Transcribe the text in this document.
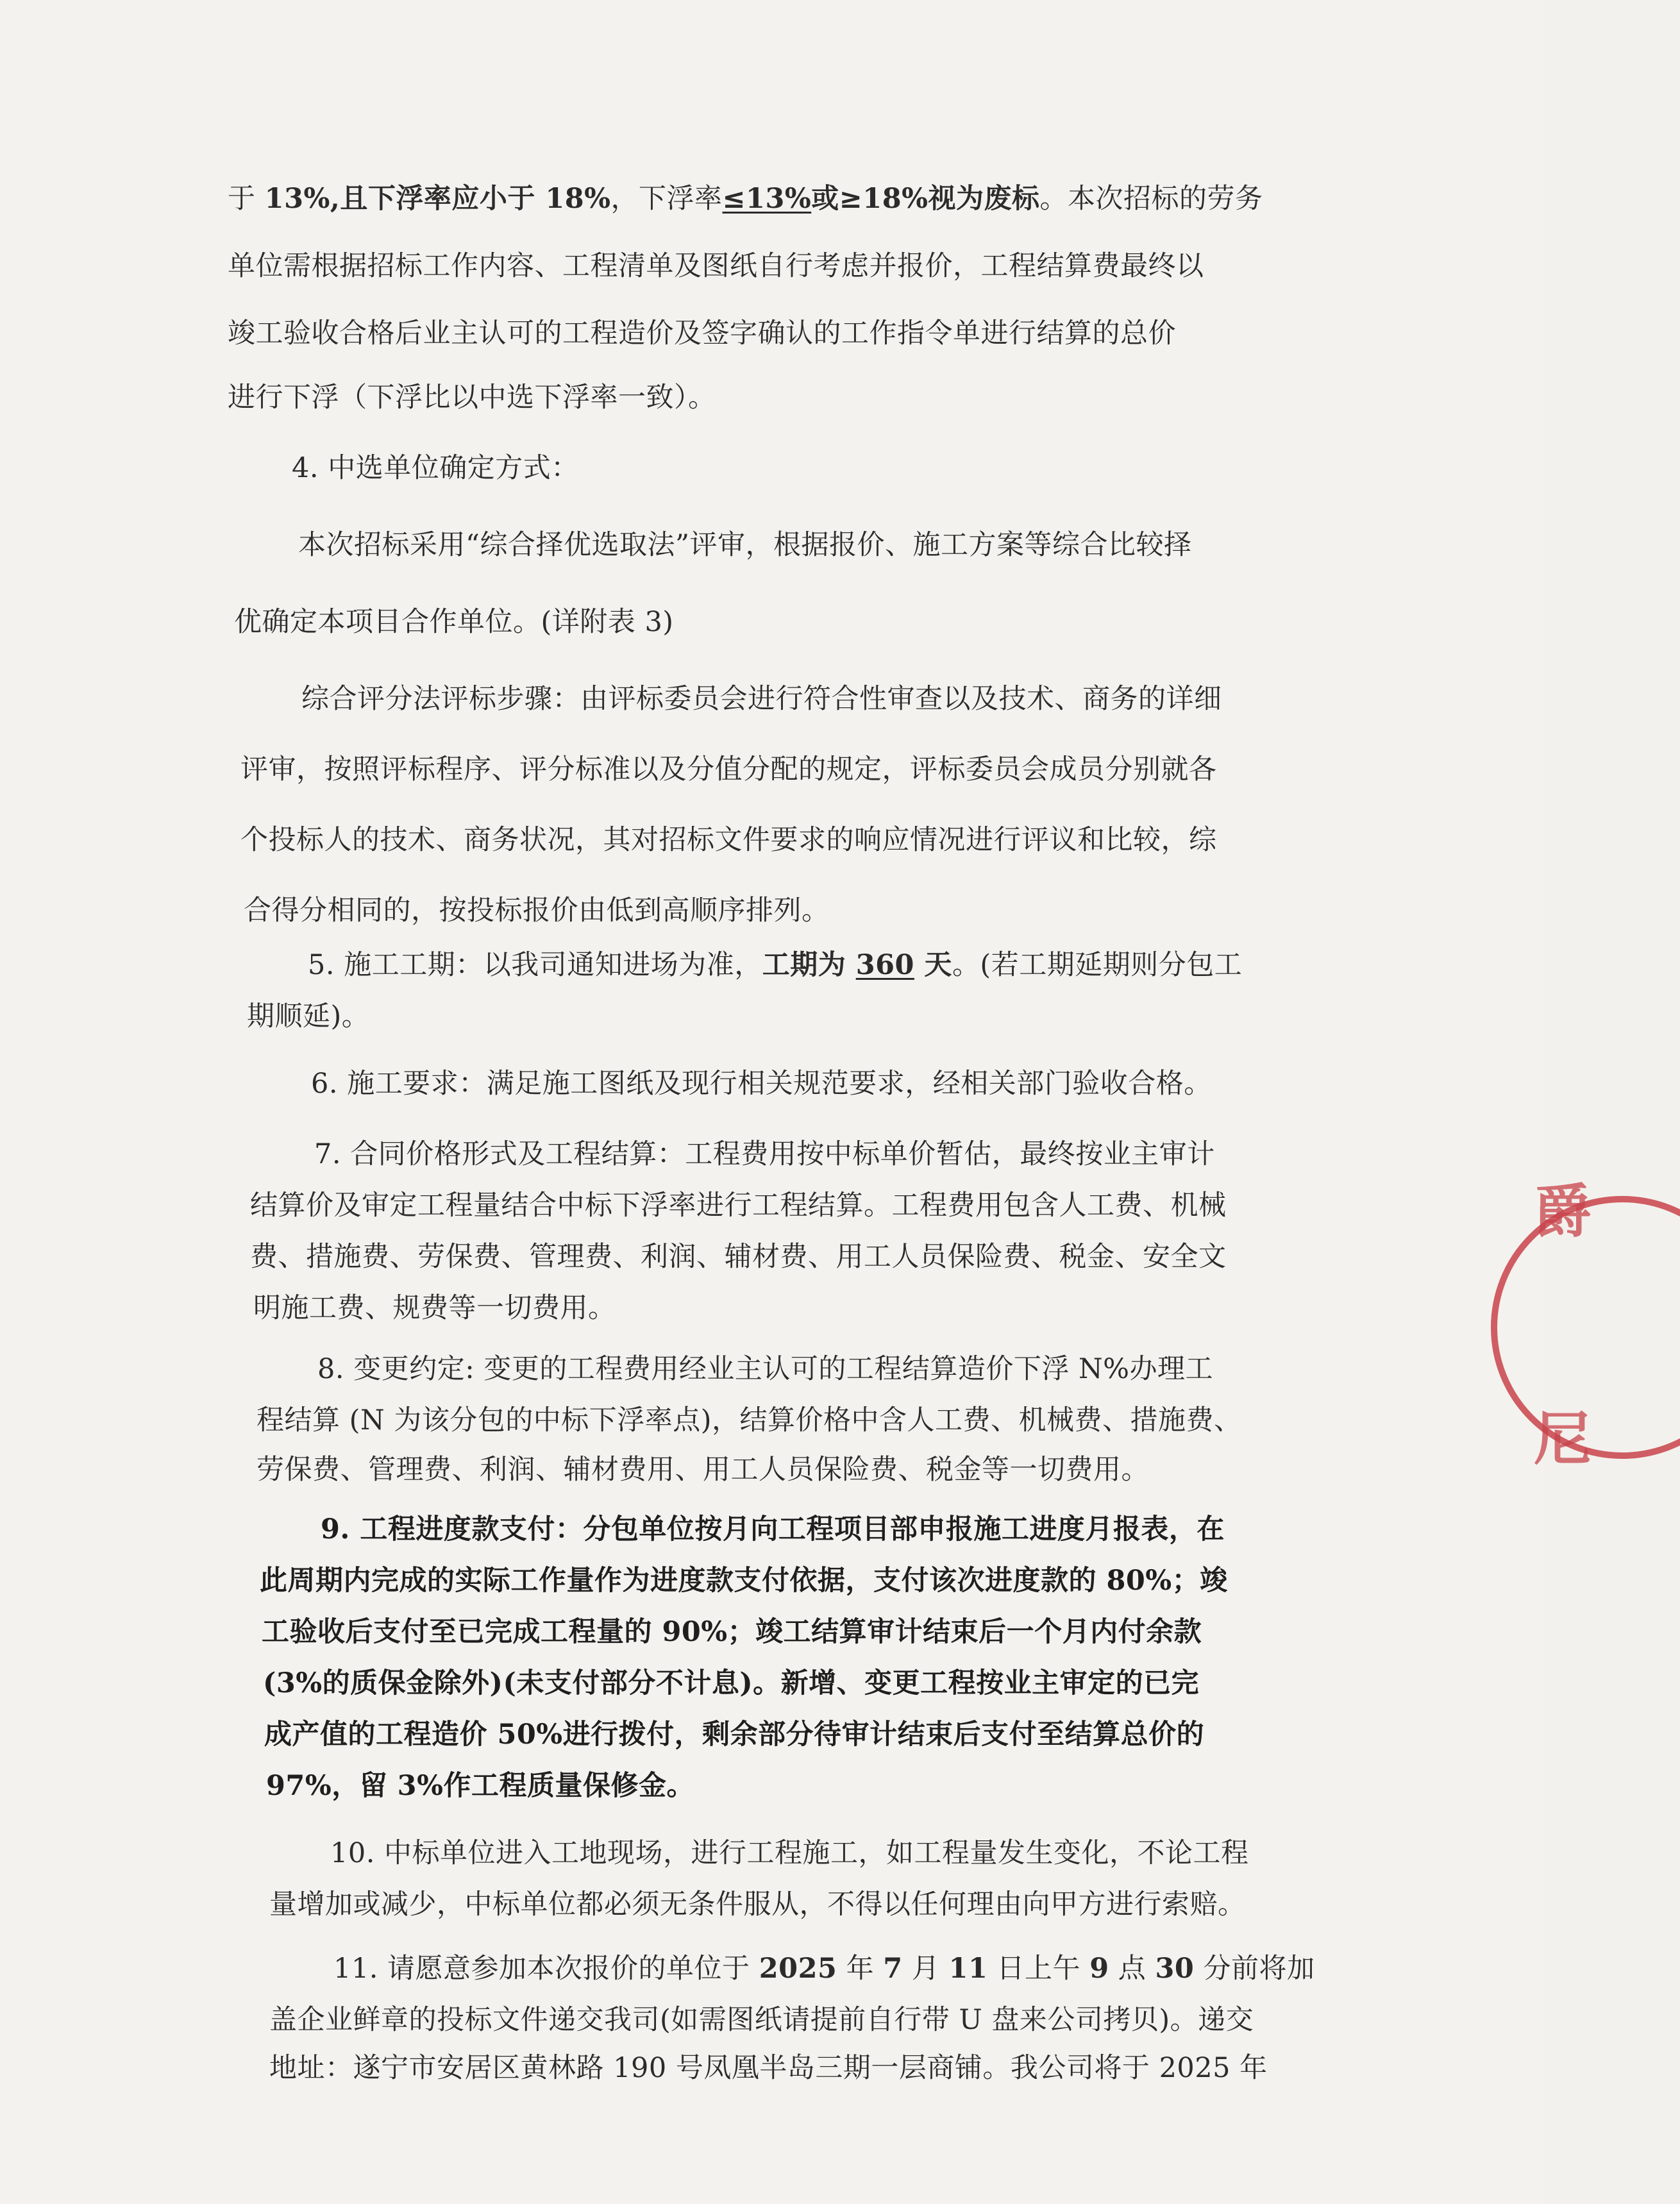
于 13%,且下浮率应小于 18%，下浮率≤13%或≥18%视为废标。本次招标的劳务
单位需根据招标工作内容、工程清单及图纸自行考虑并报价，工程结算费最终以
竣工验收合格后业主认可的工程造价及签字确认的工作指令单进行结算的总价
进行下浮（下浮比以中选下浮率一致）。
4. 中选单位确定方式：
本次招标采用“综合择优选取法”评审，根据报价、施工方案等综合比较择
优确定本项目合作单位。(详附表 3)
综合评分法评标步骤：由评标委员会进行符合性审查以及技术、商务的详细
评审，按照评标程序、评分标准以及分值分配的规定，评标委员会成员分别就各
个投标人的技术、商务状况，其对招标文件要求的响应情况进行评议和比较，综
合得分相同的，按投标报价由低到高顺序排列。
5. 施工工期：以我司通知进场为准，工期为 360 天。(若工期延期则分包工
期顺延)。
6. 施工要求：满足施工图纸及现行相关规范要求，经相关部门验收合格。
7. 合同价格形式及工程结算：工程费用按中标单价暂估，最终按业主审计
结算价及审定工程量结合中标下浮率进行工程结算。工程费用包含人工费、机械
费、措施费、劳保费、管理费、利润、辅材费、用工人员保险费、税金、安全文
明施工费、规费等一切费用。
8. 变更约定: 变更的工程费用经业主认可的工程结算造价下浮 N%办理工
程结算 (N 为该分包的中标下浮率点)，结算价格中含人工费、机械费、措施费、
劳保费、管理费、利润、辅材费用、用工人员保险费、税金等一切费用。
9. 工程进度款支付：分包单位按月向工程项目部申报施工进度月报表，在
此周期内完成的实际工作量作为进度款支付依据，支付该次进度款的 80%；竣
工验收后支付至已完成工程量的 90%；竣工结算审计结束后一个月内付余款
(3%的质保金除外)(未支付部分不计息)。新增、变更工程按业主审定的已完
成产值的工程造价 50%进行拨付，剩余部分待审计结束后支付至结算总价的
97%，留 3%作工程质量保修金。
10. 中标单位进入工地现场，进行工程施工，如工程量发生变化，不论工程
量增加或减少，中标单位都必须无条件服从，不得以任何理由向甲方进行索赔。
11. 请愿意参加本次报价的单位于 2025 年 7 月 11 日上午 9 点 30 分前将加
盖企业鲜章的投标文件递交我司(如需图纸请提前自行带 U 盘来公司拷贝)。递交
地址：遂宁市安居区黄林路 190 号凤凰半岛三期一层商铺。我公司将于 2025 年
爵
尼
